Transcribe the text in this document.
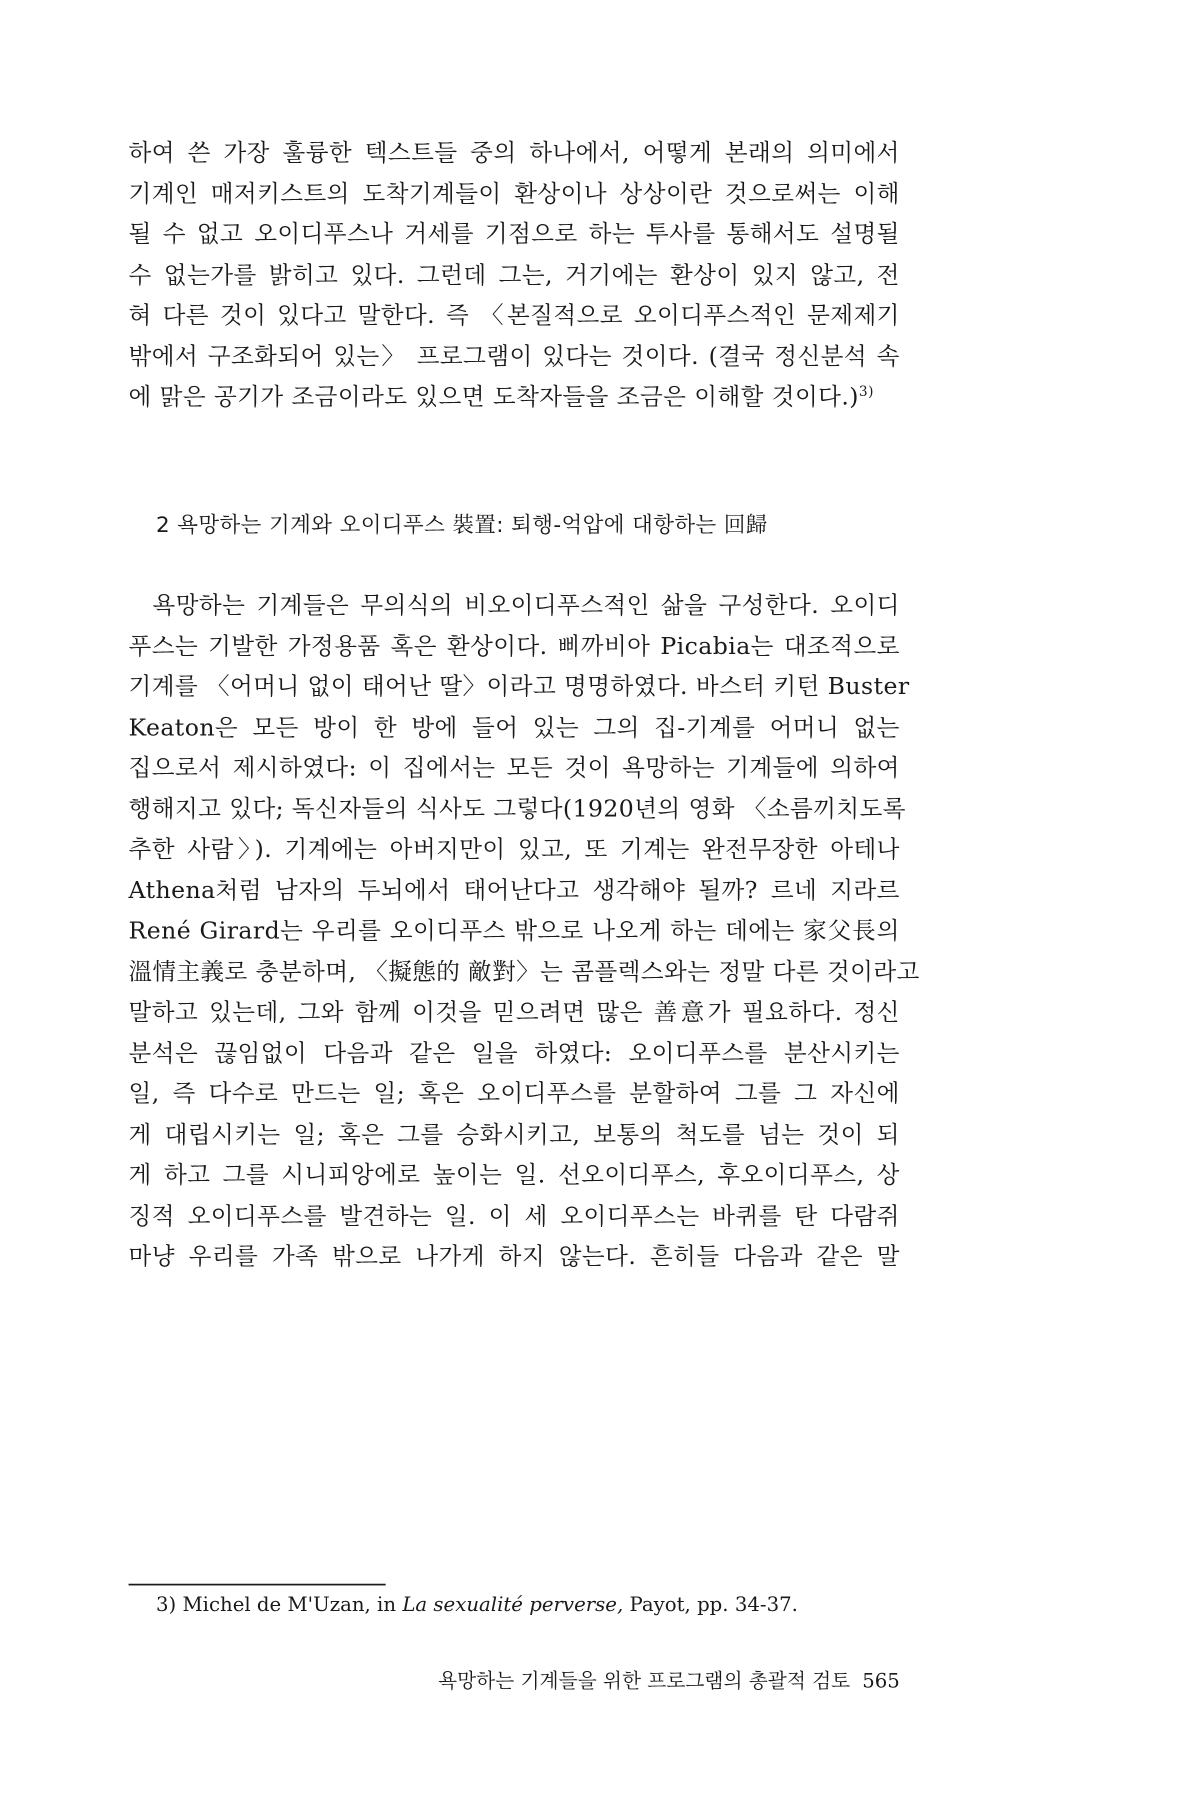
하여 쓴 가장 훌륭한 텍스트들 중의 하나에서, 어떻게 본래의 의미에서
기계인 매저키스트의 도착기계들이 환상이나 상상이란 것으로써는 이해
될 수 없고 오이디푸스나 거세를 기점으로 하는 투사를 통해서도 설명될
수 없는가를 밝히고 있다. 그런데 그는, 거기에는 환상이 있지 않고, 전
혀 다른 것이 있다고 말한다. 즉 〈본질적으로 오이디푸스적인 문제제기
밖에서 구조화되어 있는〉 프로그램이 있다는 것이다. (결국 정신분석 속
에 맑은 공기가 조금이라도 있으면 도착자들을 조금은 이해할 것이다.)$^{3)}$

2 욕망하는 기계와 오이디푸스 裝置: 퇴행-억압에 대항하는 回歸

욕망하는 기계들은 무의식의 비오이디푸스적인 삶을 구성한다. 오이디
푸스는 기발한 가정용품 혹은 환상이다. 삐까비아 Picabia는 대조적으로
기계를 〈어머니 없이 태어난 딸〉이라고 명명하였다. 바스터 키턴 Buster
Keaton은 모든 방이 한 방에 들어 있는 그의 집-기계를 어머니 없는
집으로서 제시하였다: 이 집에서는 모든 것이 욕망하는 기계들에 의하여
행해지고 있다; 독신자들의 식사도 그렇다(1920년의 영화 〈소름끼치도록
추한 사람〉). 기계에는 아버지만이 있고, 또 기계는 완전무장한 아테나
Athena처럼 남자의 두뇌에서 태어난다고 생각해야 될까? 르네 지라르
René Girard는 우리를 오이디푸스 밖으로 나오게 하는 데에는 家父長의
溫情主義로 충분하며, 〈擬態的 敵對〉는 콤플렉스와는 정말 다른 것이라고
말하고 있는데, 그와 함께 이것을 믿으려면 많은 善意가 필요하다. 정신
분석은 끊임없이 다음과 같은 일을 하였다: 오이디푸스를 분산시키는
일, 즉 다수로 만드는 일; 혹은 오이디푸스를 분할하여 그를 그 자신에
게 대립시키는 일; 혹은 그를 승화시키고, 보통의 척도를 넘는 것이 되
게 하고 그를 시니피앙에로 높이는 일. 선오이디푸스, 후오이디푸스, 상
징적 오이디푸스를 발견하는 일. 이 세 오이디푸스는 바퀴를 탄 다람쥐
마냥 우리를 가족 밖으로 나가게 하지 않는다. 흔히들 다음과 같은 말

3) Michel de M'Uzan, in La sexualité perverse, Payot, pp. 34-37.
욕망하는 기계들을 위한 프로그램의 총괄적 검토 565
